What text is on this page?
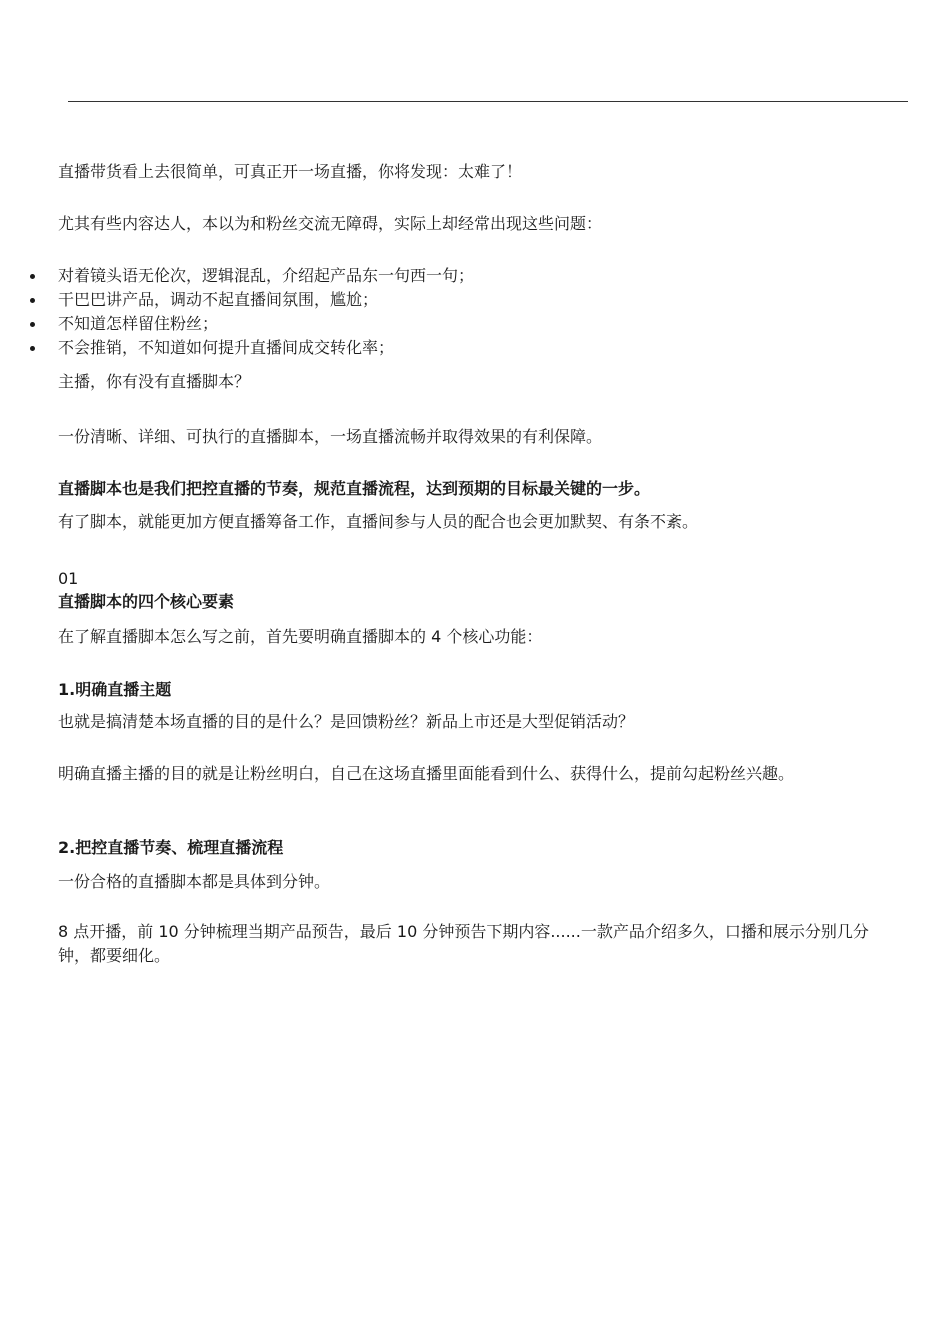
直播带货看上去很简单，可真正开一场直播，你将发现：太难了！

尤其有些内容达人，本以为和粉丝交流无障碍，实际上却经常出现这些问题：

对着镜头语无伦次，逻辑混乱，介绍起产品东一句西一句；
干巴巴讲产品，调动不起直播间氛围，尴尬；
不知道怎样留住粉丝；
不会推销，不知道如何提升直播间成交转化率；

主播，你有没有直播脚本？

一份清晰、详细、可执行的直播脚本，一场直播流畅并取得效果的有利保障。

直播脚本也是我们把控直播的节奏，规范直播流程，达到预期的目标最关键的一步。

有了脚本，就能更加方便直播筹备工作，直播间参与人员的配合也会更加默契、有条不紊。

01

直播脚本的四个核心要素

在了解直播脚本怎么写之前，首先要明确直播脚本的 4 个核心功能：

1.明确直播主题

也就是搞清楚本场直播的目的是什么？是回馈粉丝？新品上市还是大型促销活动？

明确直播主播的目的就是让粉丝明白，自己在这场直播里面能看到什么、获得什么，提前勾起粉丝兴趣。

2.把控直播节奏、梳理直播流程

一份合格的直播脚本都是具体到分钟。

8 点开播，前 10 分钟梳理当期产品预告，最后 10 分钟预告下期内容......一款产品介绍多久，口播和展示分别几分钟，都要细化。
